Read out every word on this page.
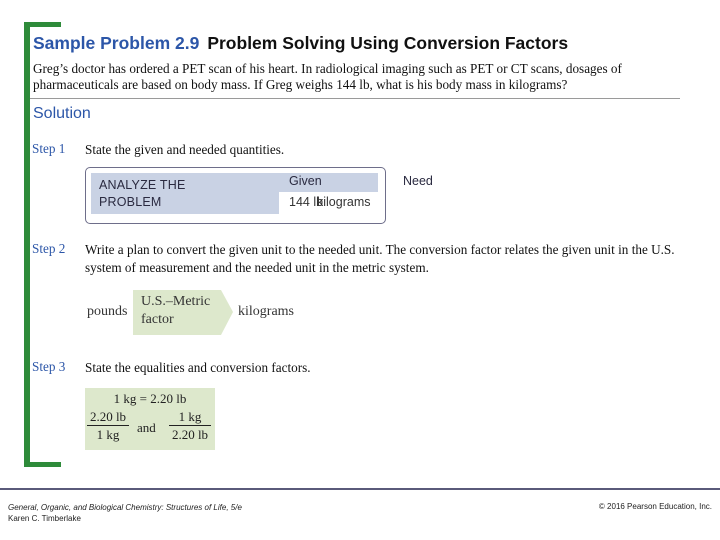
Sample Problem 2.9 Problem Solving Using Conversion Factors
Greg’s doctor has ordered a PET scan of his heart. In radiological imaging such as PET or CT scans, dosages of pharmaceuticals are based on body mass. If Greg weighs 144 lb, what is his body mass in kilograms?
Solution
Step 1 State the given and needed quantities.
ANALYZE THE
PROBLEM
Given	Need
144 lb
kilograms
Step 2 Write a plan to convert the given unit to the needed unit. The conversion factor relates the given unit in the U.S. system of measurement and the needed unit in the metric system.
pounds
U.S.–Metric
factor
kilograms
Step 3 State the equalities and conversion factors.
1 kg = 2.20 lb
2.20 lb
1 kg	and
1 kg
2.20 lb
General, Organic, and Biological Chemistry: Structures of Life, 5/e
Karen C. Timberlake
© 2016 Pearson Education, Inc.
